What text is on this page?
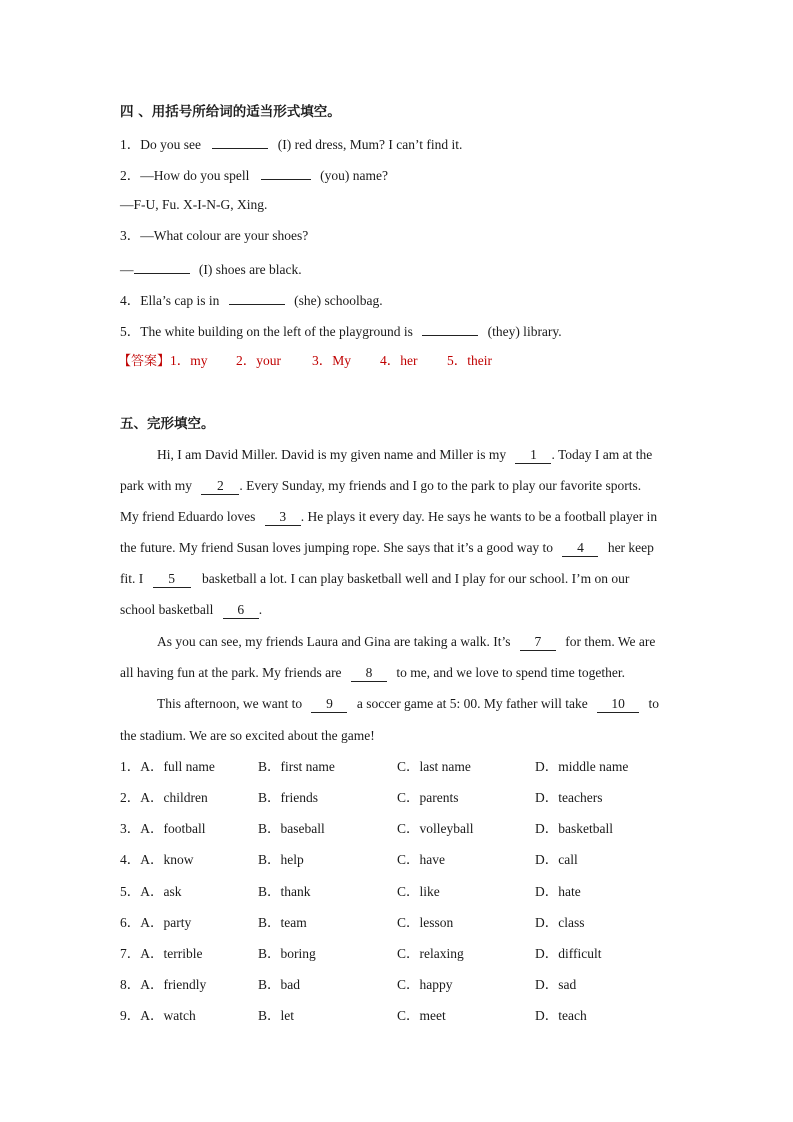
四 、用括号所给词的适当形式填空。
1．Do you see	(I) red dress, Mum? I can’t find it.
2．—How do you spell	(you) name?
—F-U, Fu. X-I-N-G, Xing.
3．—What colour are your shoes?
—	(I) shoes are black.
4．Ella’s cap is in	(she) schoolbag.
5．The white building on the left of the playground is	(they) library.
【答案】1．my 2．your 3．My 4．her 5．their
五、完形填空。
Hi, I am David Miller. David is my given name and Miller is my 1 . Today I am at the
park with my 2 . Every Sunday, my friends and I go to the park to play our favorite sports.
My friend Eduardo loves 3 . He plays it every day. He says he wants to be a football player in
the future. My friend Susan loves jumping rope. She says that it’s a good way to 4 her keep
fit. I 5 basketball a lot. I can play basketball well and I play for our school. I’m on our
school basketball 6 .
As you can see, my friends Laura and Gina are taking a walk. It’s 7 for them. We are
all having fun at the park. My friends are 8 to me, and we love to spend time together.
This afternoon, we want to 9 a soccer game at 5: 00. My father will take 10 to
the stadium. We are so excited about the game!
1．A．full name	B．first name	C．last name	D．middle name
2．A．children	B．friends	C．parents	D．teachers
3．A．football	B．baseball	C．volleyball	D．basketball
4．A．know	B．help	C．have	D．call
5．A．ask	B．thank	C．like	D．hate
6．A．party	B．team	C．lesson	D．class
7．A．terrible	B．boring	C．relaxing	D．difficult
8．A．friendly	B．bad	C．happy	D．sad
9．A．watch	B．let	C．meet	D．teach
